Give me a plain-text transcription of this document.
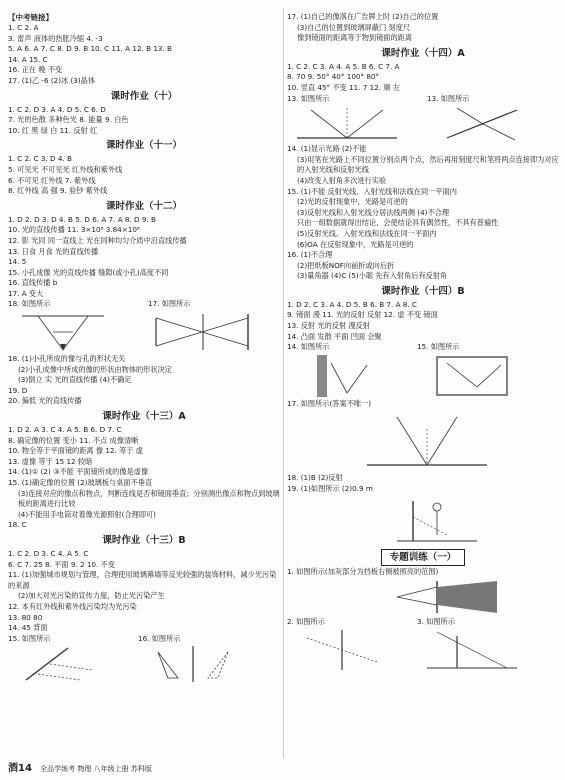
【中考链接】
1. C 2. A
3. 雷声 液体的热胀冷缩 4. -3
5. A 6. A 7. C 8. D 9. B 10. C 11. A 12. B 13. B
14. A 15. C
16. 正在 晚 不变
17. (1)乙 -6 (2)冰 (3)晶体
课时作业（十）
1. C 2. D 3. A 4. D 5. C 6. D
7. 光的色散 多种色光 8. 能量 9. 白色
10. 红 黑 绿 白 11. 反射 红
课时作业（十一）
1. C 2. C 3. D 4. B
5. 可见光 不可见光 红外线和紫外线
6. 不可见 红外线 7. 紫外线
8. 红外线 高 强 9. 验钞 紫外线
课时作业（十二）
1. D 2. D 3. D 4. B 5. D 6. A 7. A 8. D 9. B
10. 光的直线传播 11. 3×10⁸ 3.84×10⁸
12. 影 光同 同一直线上 光在同种均匀介质中沿直线传播
13. 日食 月食 光的直线传播
14. 5
15. 小孔成像 光的直线传播 缝隙(或小孔)高度不同
16. 直线传播 b
17. A 变大
18. 如图所示	17. 如图所示
18. (1)小孔所成的像与孔的形状无关
(2)小孔成像中所成的像的形状由物体的形状决定
(3)倒立 实 光的直线传播 (4)不确定
19. D
20. 偏低 光的直线传播
课时作业（十三）A
1. D 2. A 3. C 4. A 5. B 6. D 7. C
8. 确定像的位置 变小 11. 不点 成像清晰
10. 物全等于平面镜的距离 像 12. 等于 虚
13. 虚像 等于 15 12 较暗
14. (1)① (2) ③不能 平面镜所成的像是虚像
15. (1)确定像的位置 (2)玻璃板与桌面不垂直
(3)连接对应的像点和物点，判断连线是否和镜面垂直；分别测出像点和物点到玻璃板的距离进行比较
(4)不能用手电筒对着像光源照射(合理即可)
18. C
课时作业（十三）B
1. C 2. D 3. C 4. A 5. C
6. C 7. 25 8. 平面 9. 2 10. 不变
11. (1)加强城市规划与管理，合理使用玻璃幕墙等反光较强的装饰材料，减少光污染的来源
(2)加大对光污染的宣传力度，防止光污染产生
12. 本有红外线和紫外线污染均为光污染
13. 80 80
14. 45 背面
15. 如图所示	16. 如图所示
17. (1)自己的像落在广告牌上时 (2)自己的位置
(3)自己的位置到玻璃屏蔽门 刻度尺
像到镜面的距离等于物到镜面的距离
课时作业（十四）A
1. C 2. C 3. A 4. A 5. B 6. C 7. A
8. 70 9. 50° 40° 100° 80°
10. 竖直 45° 不变 11. 7 12. 顺 左
13. 如图所示	13. 如图所示
14. (1)显示光路 (2)不能
(3)用笔在光路上不同位置分别点两个点，然后再用刻度尺和笔将两点连接即为对应的入射光线和反射光线
(4)改变入射角多次进行实验
15. (1)不能 反射光线、入射光线和法线在同一平面内
(2)光的反射现象中，光路是可逆的
(3)反射光线和入射光线分居法线两侧 (4)不合理
只由一组数据就得出结论，会使结论具有偶然性，不具有普遍性
(5)反射光线、入射光线和法线在同一平面内
(6)OA 在反射现象中，光路是可逆的
16. (1)不合理
(2)把纸板NOF向前折或向后折
(3)量角器 (4)C (5)小聪 先有入射角后有反射角
课时作业（十四）B
1. D 2. C 3. A 4. D 5. B 6. B 7. A 8. C
9. 镜面 漫 11. 光的反射 反射 12. 虚 不变 镜面
13. 反射 光的反射 漫反射
14. 凸面 发散 平面 凹面 会聚
14. 如图所示	15. 如图所示
17. 如图所示(答案不唯一)
18. (1)B (2)反射
19. (1)如图所示 (2)0.9 m
专题训练（一）
1. 如图所示(加灰部分为挡板右侧被照亮的范围)
2. 如图所示	3. 如图所示
酒14 全品学练考 物理 八年级上册 苏科版
